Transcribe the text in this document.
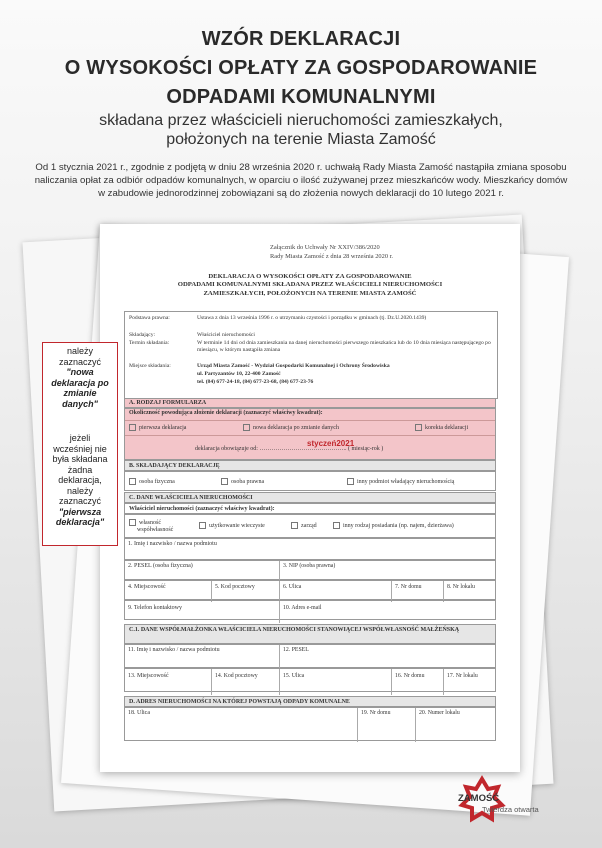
WZÓR DEKLARACJI
O WYSOKOŚCI OPŁATY ZA GOSPODAROWANIE
ODPADAMI KOMUNALNYMI
składana przez właścicieli nieruchomości zamieszkałych,
położonych na terenie Miasta Zamość
Od 1 stycznia 2021 r., zgodnie z podjętą w dniu 28 września 2020 r. uchwałą Rady Miasta Zamość nastąpiła zmiana sposobu
naliczania opłat za odbiór odpadów komunalnych, w oparciu o ilość zużywanej przez mieszkańców wody. Mieszkańcy domów
w zabudowie jednorodzinnej zobowiązani są do złożenia nowych deklaracji do 10 lutego 2021 r.
Załącznik do Uchwały Nr XXIV/386/2020
Rady Miasta Zamość z dnia 28 września 2020 r.
DEKLARACJA O WYSOKOŚCI OPŁATY ZA GOSPODAROWANIE
ODPADAMI KOMUNALNYMI SKŁADANA PRZEZ WŁAŚCICIELI NIERUCHOMOŚCI
ZAMIESZKAŁYCH, POŁOŻONYCH NA TERENIE MIASTA ZAMOŚĆ
Podstawa prawna:	Ustawa z dnia 13 września 1996 r. o utrzymaniu czystości i porządku w gminach (tj. Dz.U.2020.1439)
Składający:	Właściciel nieruchomości
Termin składania:	W terminie 14 dni od dnia zamieszkania na danej nieruchomości pierwszego mieszkańca lub do 10 dnia miesiąca następującego po miesiącu, w którym nastąpiła zmiana
Miejsce składania:	Urząd Miasta Zamość - Wydział Gospodarki Komunalnej i Ochrony Środowiska
ul. Partyzantów 10, 22-400 Zamość
tel. (84) 677-24-18, (84) 677-23-68, (84) 677-23-76
A. RODZAJ FORMULARZA
Okoliczność powodująca złożenie deklaracji (zaznaczyć właściwy kwadrat):
pierwsza deklaracja	nowa deklaracja po zmianie danych	korekta deklaracji
deklaracja obowiązuje od: …………………………………….. ( miesiąc-rok )
styczeń2021
B. SKŁADAJĄCY DEKLARACJĘ
osoba fizyczna	osoba prawna	inny podmiot władający nieruchomością
C. DANE WŁAŚCICIELA NIERUCHOMOŚCI
Właściciel nieruchomości (zaznaczyć właściwy kwadrat):
własność
współwłasność
użytkowanie wieczyste	zarząd	inny rodzaj posiadania (np. najem, dzierżawa)
1. Imię i nazwisko / nazwa podmiotu
2. PESEL (osoba fizyczna)	3. NIP (osoba prawna)
4. Miejscowość	5. Kod pocztowy	6. Ulica	7. Nr domu	8. Nr lokalu
9. Telefon kontaktowy	10. Adres e-mail
C.1. DANE WSPÓŁMAŁŻONKA WŁAŚCICIELA NIERUCHOMOŚCI STANOWIĄCEJ WSPÓŁWŁASNOŚĆ MAŁŻEŃSKĄ
11. Imię i nazwisko / nazwa podmiotu	12. PESEL
13. Miejscowość	14. Kod pocztowy	15. Ulica	16. Nr domu	17. Nr lokalu
D. ADRES NIERUCHOMOŚCI NA KTÓREJ POWSTAJĄ ODPADY KOMUNALNE
18. Ulica	19. Nr domu	20. Numer lokalu

należy

zaznaczyć

"nowa

deklaracja po

zmianie

danych"

jeżeli

wcześniej nie

była składana

żadna

deklaracja,

należy

zaznaczyć

"pierwsza

deklaracja"

ZAMOŚĆ
Twierdza otwarta
